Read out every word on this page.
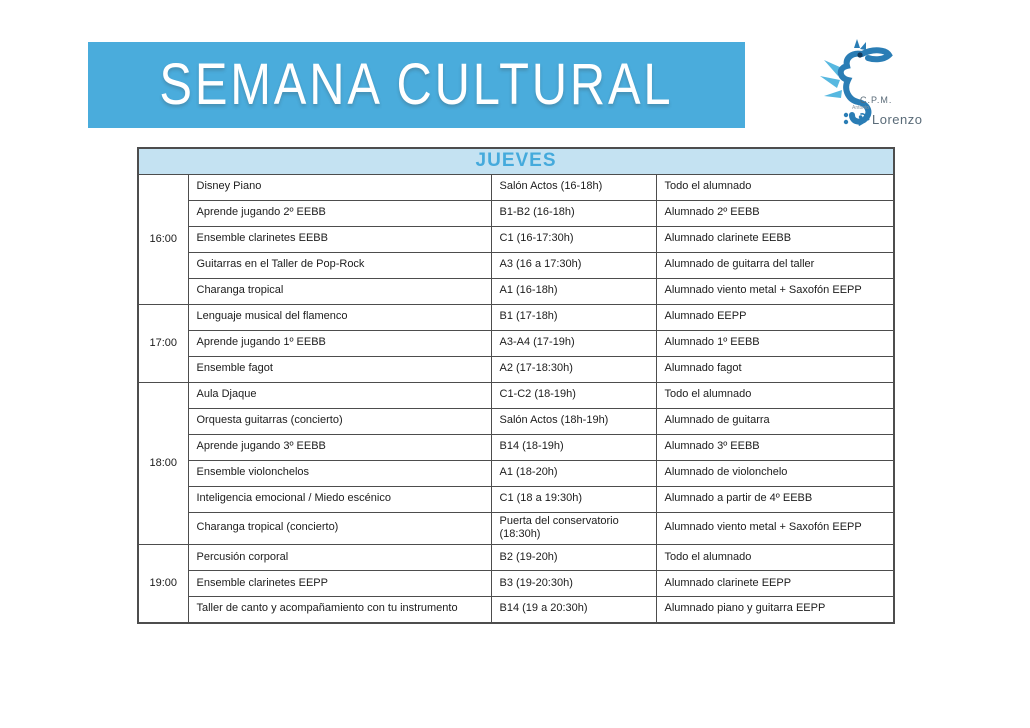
SEMANA CULTURAL	C.P.M.
Antonio
Lorenzo
JUEVES			
16:00	Disney Piano	Salón Actos (16-18h)	Todo el alumnado
	Aprende jugando 2º EEBB	B1-B2 (16-18h)	Alumnado 2º EEBB
	Ensemble clarinetes EEBB	C1 (16-17:30h)	Alumnado clarinete EEBB
	Guitarras en el Taller de Pop-Rock	A3 (16 a 17:30h)	Alumnado de guitarra del taller
	Charanga tropical	A1 (16-18h)	Alumnado viento metal + Saxofón EEPP
17:00	Lenguaje musical del flamenco	B1 (17-18h)	Alumnado EEPP
	Aprende jugando 1º EEBB	A3-A4 (17-19h)	Alumnado 1º EEBB
	Ensemble fagot	A2 (17-18:30h)	Alumnado fagot
18:00	Aula Djaque	C1-C2 (18-19h)	Todo el alumnado
	Orquesta guitarras (concierto)	Salón Actos (18h-19h)	Alumnado de guitarra
	Aprende jugando 3º EEBB	B14 (18-19h)	Alumnado 3º EEBB
	Ensemble violonchelos	A1 (18-20h)	Alumnado de violonchelo
	Inteligencia emocional / Miedo escénico	C1 (18 a 19:30h)	Alumnado a partir de 4º EEBB
	Charanga tropical (concierto)	Puerta del conservatorio (18:30h)	Alumnado viento metal + Saxofón EEPP
19:00	Percusión corporal	B2 (19-20h)	Todo el alumnado
	Ensemble clarinetes EEPP	B3 (19-20:30h)	Alumnado clarinete EEPP
	Taller de canto y acompañamiento con tu instrumento	B14 (19 a 20:30h)	Alumnado piano y guitarra EEPP
